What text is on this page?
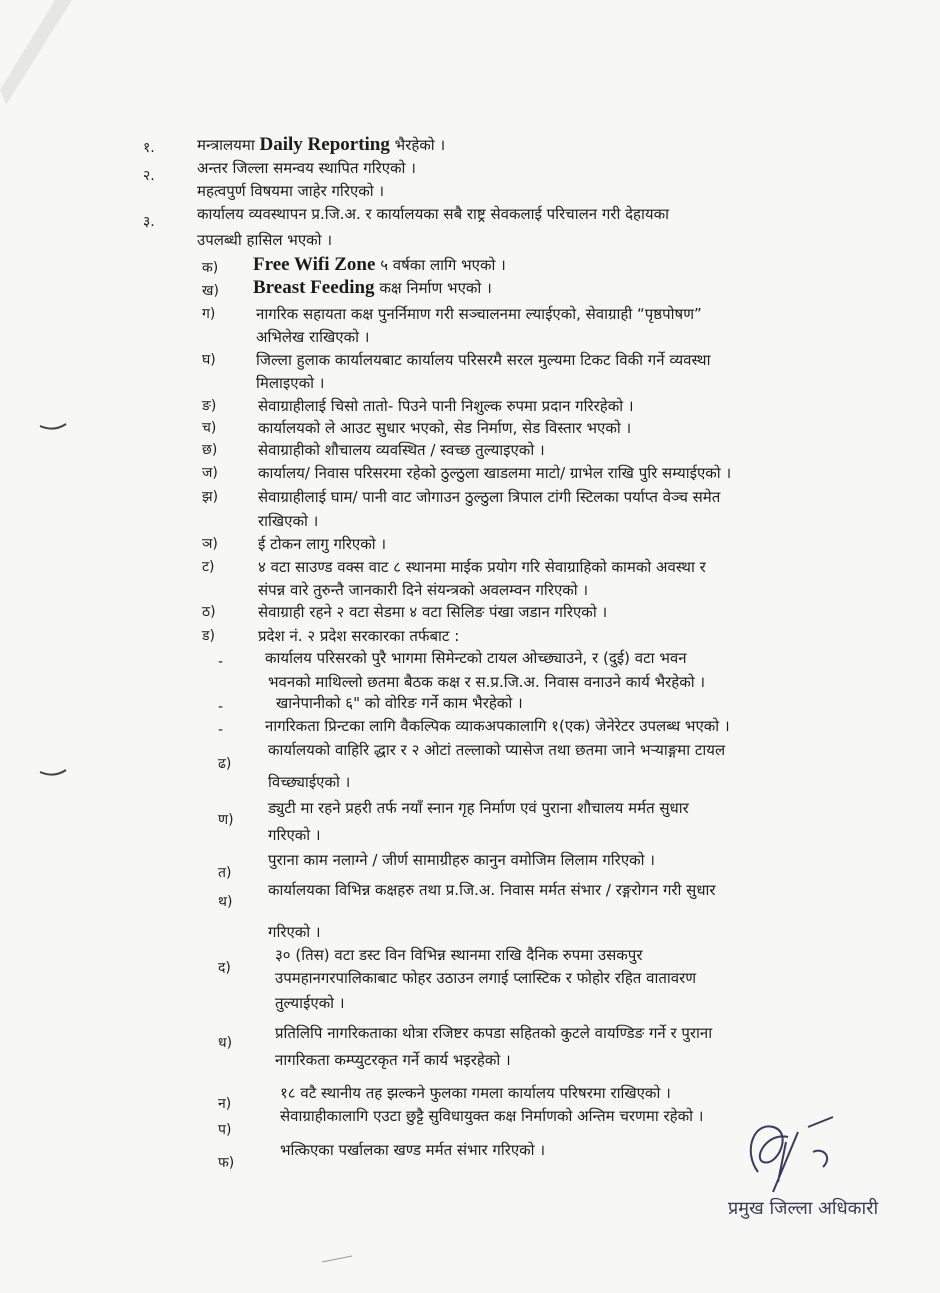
१.	मन्त्रालयमा Daily Reporting भैरहेको ।
२.	अन्तर जिल्ला समन्वय स्थापित गरिएको ।
महत्वपुर्ण विषयमा जाहेर गरिएको ।
३.	कार्यालय व्यवस्थापन प्र.जि.अ. र कार्यालयका सबै राष्ट्र सेवकलाई परिचालन गरी देहायका
उपलब्धी हासिल भएको ।
क) Free Wifi Zone ५ वर्षका लागि भएको ।
ख) Breast Feeding कक्ष निर्माण भएको ।
ग)	नागरिक सहायता कक्ष पुनर्निमाण गरी सञ्चालनमा ल्याईएको, सेवाग्राही “पृष्ठपोषण”
अभिलेख राखिएको ।
घ)	जिल्ला हुलाक कार्यालयबाट कार्यालय परिसरमै सरल मुल्यमा टिकट विकी गर्ने व्यवस्था
मिलाइएको ।
ङ)	सेवाग्राहीलाई चिसो तातो- पिउने पानी निशुल्क रुपमा प्रदान गरिरहेको ।
च)	कार्यालयको ले आउट सुधार भएको, सेड निर्माण, सेड विस्तार भएको ।
छ)	सेवाग्राहीको शौचालय व्यवस्थित / स्वच्छ तुल्याइएको ।
ज)	कार्यालय/ निवास परिसरमा रहेको ठुल्ठुला खाडलमा माटो/ ग्राभेल राखि पुरि सम्याईएको ।
झ)	सेवाग्राहीलाई घाम/ पानी वाट जोगाउन ठुल्ठुला त्रिपाल टांगी स्टिलका पर्याप्त वेञ्च समेत
राखिएको ।
ञ)	ई टोकन लागु गरिएको ।
ट)	४ वटा साउण्ड वक्स वाट ८ स्थानमा माईक प्रयोग गरि सेवाग्राहिको कामको अवस्था र
संपन्न वारे तुरुन्तै जानकारी दिने संयन्त्रको अवलम्वन गरिएको ।
ठ)	सेवाग्राही रहने २ वटा सेडमा ४ वटा सिलिङ पंखा जडान गरिएको ।
ड)	प्रदेश नं. २ प्रदेश सरकारका तर्फबाट :
-	कार्यालय परिसरको पुरै भागमा सिमेन्टको टायल ओच्छ्याउने, र (दुई) वटा भवन
भवनको माथिल्लो छतमा बैठक कक्ष र स.प्र.जि.अ. निवास वनाउने कार्य भैरहेको ।
-	खानेपानीको ६" को वोरिङ गर्ने काम भैरहेको ।
-	नागरिकता प्रिन्टका लागि वैकल्पिक व्याकअपकालागि १(एक) जेनेरेटर उपलब्ध भएको ।
ढ)
कार्यालयको वाहिरि द्धार र २ ओटां तल्लाको प्यासेज तथा छतमा जाने भऱ्याङ्गमा टायल
विच्छ्याईएको ।
ण)
ड्युटी मा रहने प्रहरी तर्फ नयाँ स्नान गृह निर्माण एवं पुराना शौचालय मर्मत सुधार
गरिएको ।
त)
पुराना काम नलाग्ने / जीर्ण सामाग्रीहरु कानुन वमोजिम लिलाम गरिएको ।
थ)
कार्यालयका विभिन्न कक्षहरु तथा प्र.जि.अ. निवास मर्मत संभार / रङ्गरोगन गरी सुधार
गरिएको ।
द)
३० (तिस) वटा डस्ट विन विभिन्न स्थानमा राखि दैनिक रुपमा उसकपुर
उपमहानगरपालिकाबाट फोहर उठाउन लगाई प्लास्टिक र फोहोर रहित वातावरण
तुल्याईएको ।
ध)
प्रतिलिपि नागरिकताका थोत्रा रजिष्टर कपडा सहितको कुटले वायण्डिङ गर्ने र पुराना
नागरिकता कम्प्युटरकृत गर्ने कार्य भइरहेको ।
न)
१८ वटै स्थानीय तह झल्कने फुलका गमला कार्यालय परिषरमा राखिएको ।
प)
सेवाग्राहीकालागि एउटा छुट्टै सुविधायुक्त कक्ष निर्माणको अन्तिम चरणमा रहेको ।
फ)
भत्किएका पर्खालका खण्ड मर्मत संभार गरिएको ।
प्रमुख जिल्ला अधिकारी
